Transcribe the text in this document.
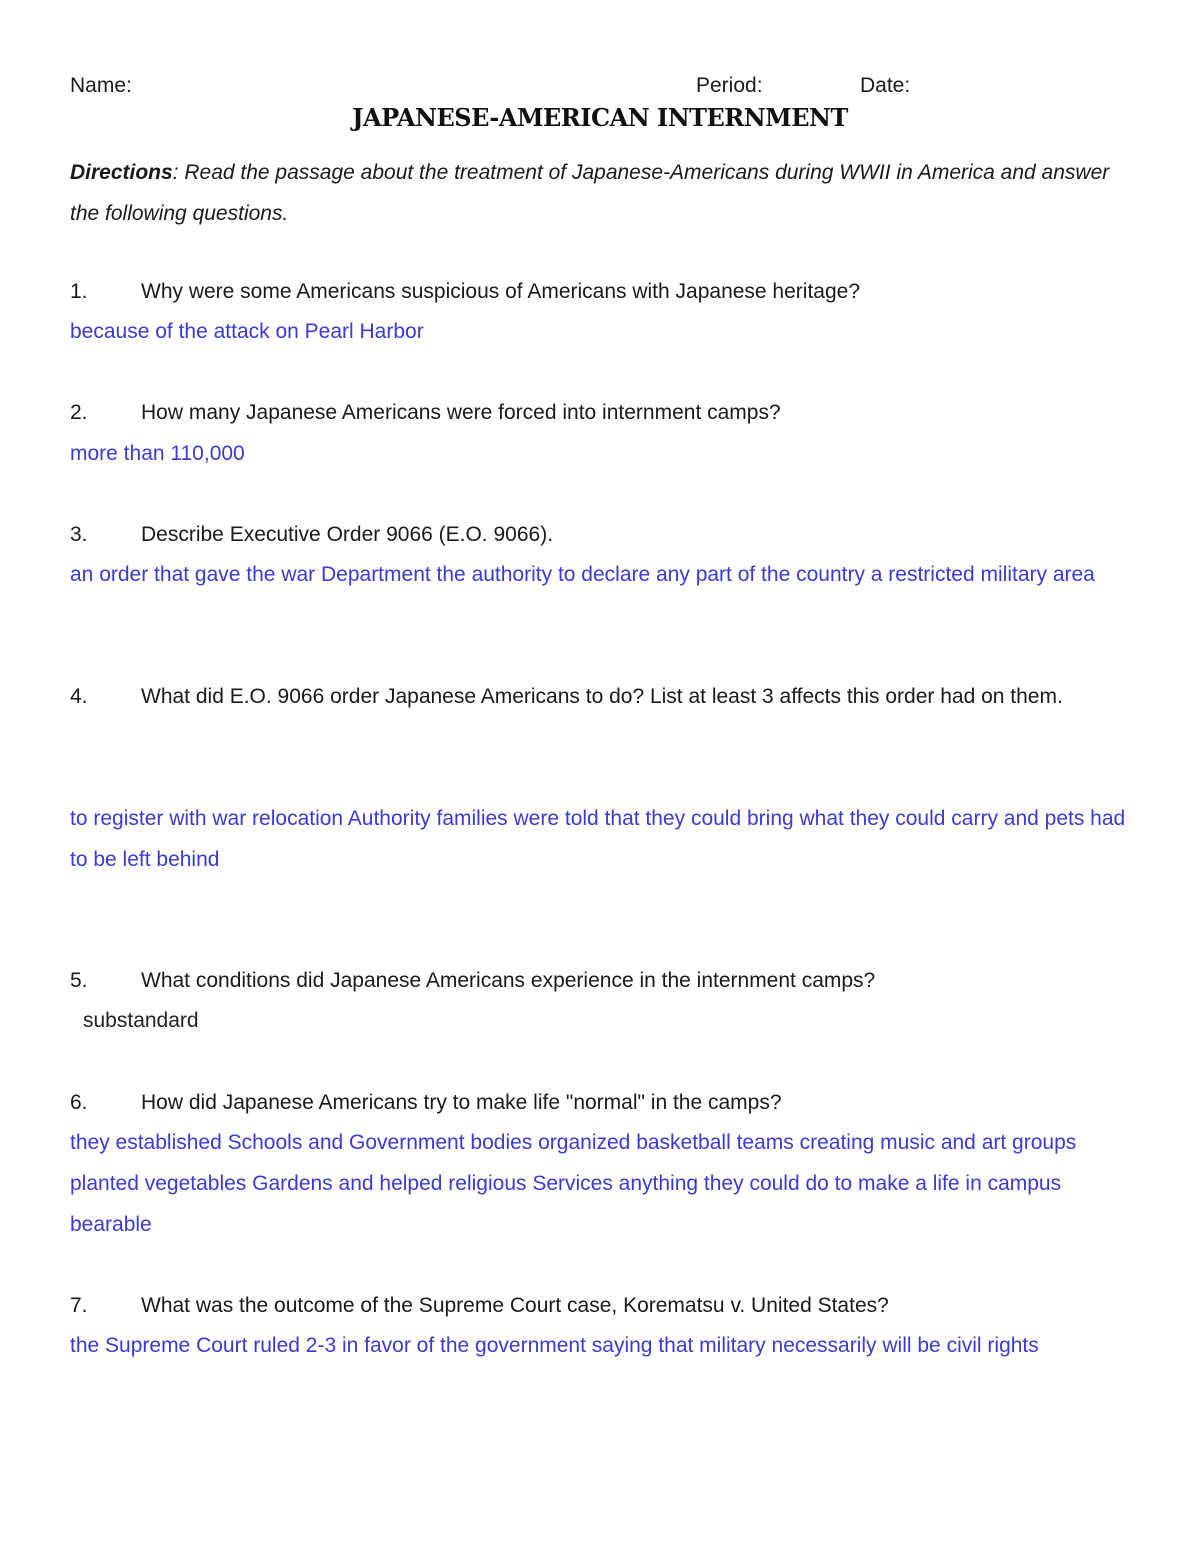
Name:	Period:	Date:
JAPANESE-AMERICAN INTERNMENT
Directions: Read the passage about the treatment of Japanese-Americans during WWII in America and answer the following questions.
1.	Why were some Americans suspicious of Americans with Japanese heritage?
because of the attack on Pearl Harbor
2.	How many Japanese Americans were forced into internment camps?
more than 110,000
3.	Describe Executive Order 9066 (E.O. 9066).
an order that gave the war Department the authority to declare any part of the country a restricted military area
4.	What did E.O. 9066 order Japanese Americans to do? List at least 3 affects this order had on them.
to register with war relocation Authority families were told that they could bring what they could carry and pets had to be left behind
5.	What conditions did Japanese Americans experience in the internment camps?
substandard
6.	How did Japanese Americans try to make life "normal" in the camps?
they established Schools and Government bodies organized basketball teams creating music and art groups planted vegetables Gardens and helped religious Services anything they could do to make a life in campus bearable
7.	What was the outcome of the Supreme Court case, Korematsu v. United States?
the Supreme Court ruled 2-3 in favor of the government saying that military necessarily will be civil rights
